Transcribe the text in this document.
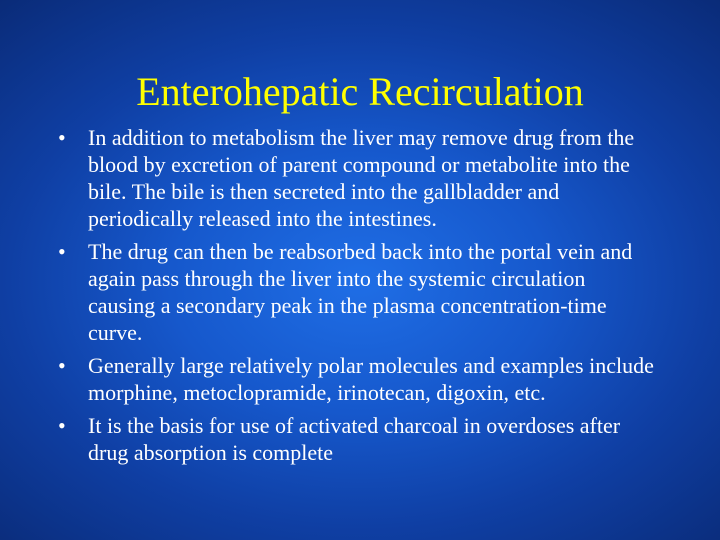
Enterohepatic Recirculation
•	In addition to metabolism the liver may remove drug from the blood by excretion of parent compound or metabolite into the bile. The bile is then secreted into the gallbladder and periodically released into the intestines.
•	The drug can then be reabsorbed back into the portal vein and again pass through the liver into the systemic circulation causing a secondary peak in the plasma concentration-time curve.
•	Generally large relatively polar molecules and examples include morphine, metoclopramide, irinotecan, digoxin, etc.
•	It is the basis for use of activated charcoal in overdoses after drug absorption is complete
